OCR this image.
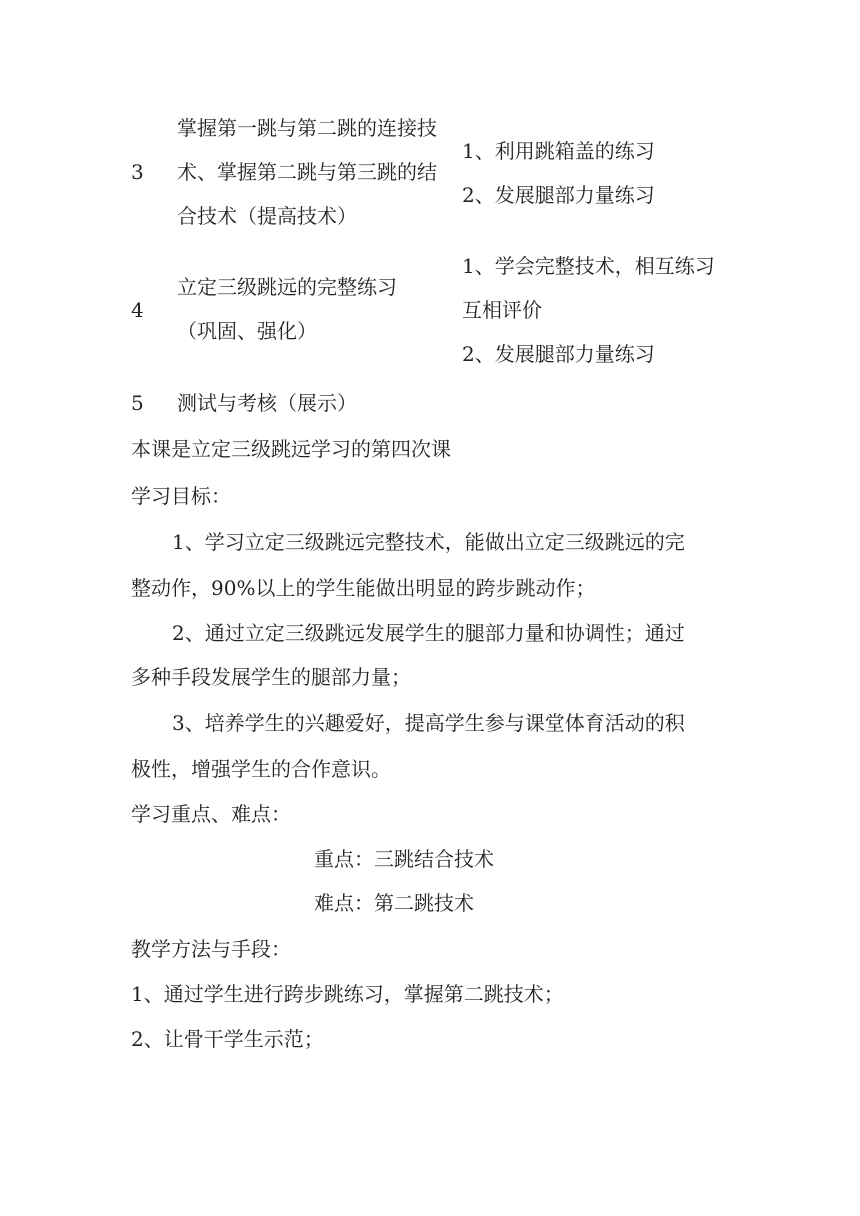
3
掌握第一跳与第二跳的连接技
术、掌握第二跳与第三跳的结
合技术（提高技术）
1、利用跳箱盖的练习
2、发展腿部力量练习
4
立定三级跳远的完整练习
（巩固、强化）
1、学会完整技术，相互练习
互相评价
2、发展腿部力量练习
5 测试与考核（展示）
本课是立定三级跳远学习的第四次课
学习目标：
1、学习立定三级跳远完整技术，能做出立定三级跳远的完
整动作，90%以上的学生能做出明显的跨步跳动作；
2、通过立定三级跳远发展学生的腿部力量和协调性；通过
多种手段发展学生的腿部力量；
3、培养学生的兴趣爱好，提高学生参与课堂体育活动的积
极性，增强学生的合作意识。
学习重点、难点：
重点：三跳结合技术
难点：第二跳技术
教学方法与手段：
1、通过学生进行跨步跳练习，掌握第二跳技术；
2、让骨干学生示范；
